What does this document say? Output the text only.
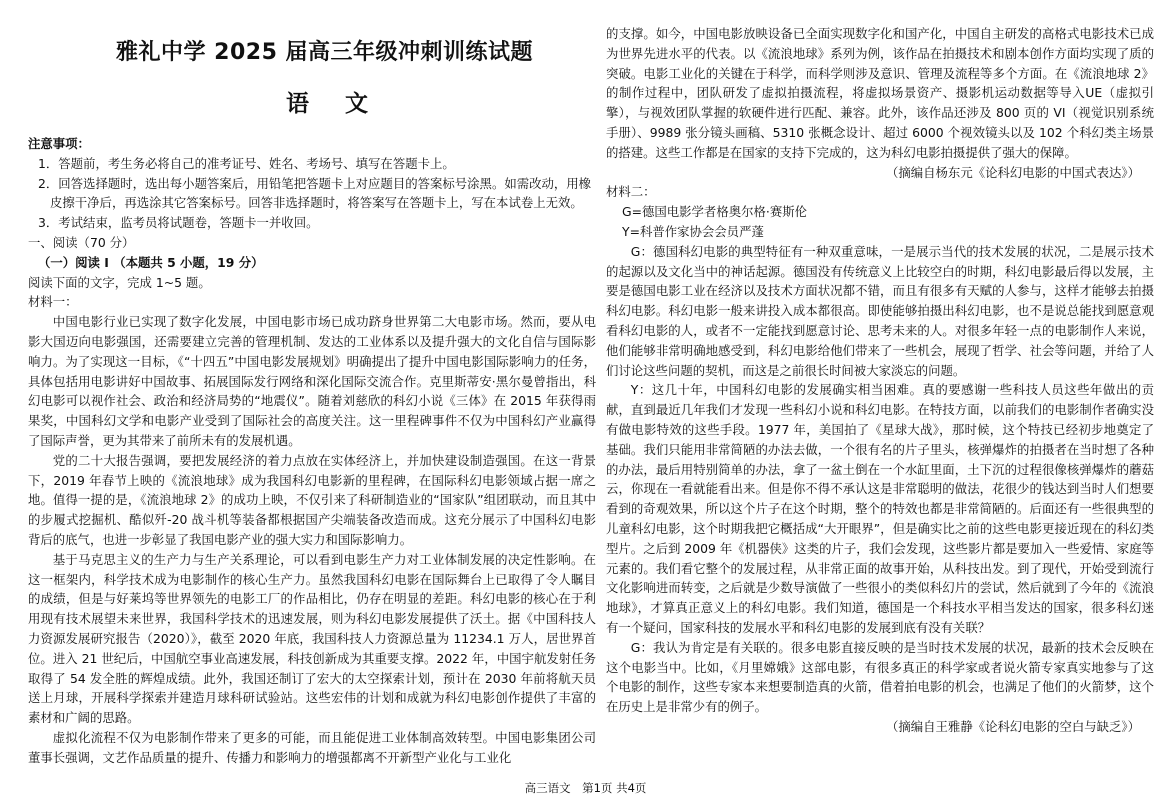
雅礼中学 2025 届高三年级冲刺训练试题
语 文

注意事项：

1．答题前，考生务必将自己的准考证号、姓名、考场号、填写在答题卡上。

2．回答选择题时，选出每小题答案后，用铅笔把答题卡上对应题目的答案标号涂黑。如需改动，用橡皮擦干净后，再选涂其它答案标号。回答非选择题时，将答案写在答题卡上，写在本试卷上无效。

3．考试结束，监考员将试题卷，答题卡一并收回。

一、阅读（70 分）

（一）阅读 I （本题共 5 小题，19 分）

阅读下面的文字，完成 1~5 题。

材料一：

中国电影行业已实现了数字化发展，中国电影市场已成功跻身世界第二大电影市场。然而，要从电影大国迈向电影强国，还需要建立完善的管理机制、发达的工业体系以及提升强大的文化自信与国际影响力。为了实现这一目标，《“十四五”中国电影发展规划》明确提出了提升中国电影国际影响力的任务，具体包括用电影讲好中国故事、拓展国际发行网络和深化国际交流合作。克里斯蒂安·黑尔曼曾指出，科幻电影可以视作社会、政治和经济局势的“地震仪”。随着刘慈欣的科幻小说《三体》在 2015 年获得雨果奖，中国科幻文学和电影产业受到了国际社会的高度关注。这一里程碑事件不仅为中国科幻产业赢得了国际声誉，更为其带来了前所未有的发展机遇。

党的二十大报告强调，要把发展经济的着力点放在实体经济上，并加快建设制造强国。在这一背景下，2019 年春节上映的《流浪地球》成为我国科幻电影新的里程碑，在国际科幻电影领域占据一席之地。值得一提的是，《流浪地球 2》的成功上映，不仅引来了科研制造业的“国家队”组团联动，而且其中的步履式挖掘机、酷似歼-20 战斗机等装备都根据国产尖端装备改造而成。这充分展示了中国科幻电影背后的底气，也进一步彰显了我国电影产业的强大实力和国际影响力。

基于马克思主义的生产力与生产关系理论，可以看到电影生产力对工业体制发展的决定性影响。在这一框架内，科学技术成为电影制作的核心生产力。虽然我国科幻电影在国际舞台上已取得了令人瞩目的成绩，但是与好莱坞等世界领先的电影工厂的作品相比，仍存在明显的差距。科幻电影的核心在于利用现有技术展望未来世界，我国科学技术的迅速发展，则为科幻电影发展提供了沃土。据《中国科技人力资源发展研究报告（2020）》，截至 2020 年底，我国科技人力资源总量为 11234.1 万人，居世界首位。进入 21 世纪后，中国航空事业高速发展，科技创新成为其重要支撑。2022 年，中国宇航发射任务取得了 54 发全胜的辉煌成绩。此外，我国还制订了宏大的太空探索计划，预计在 2030 年前将航天员送上月球，开展科学探索并建造月球科研试验站。这些宏伟的计划和成就为科幻电影创作提供了丰富的素材和广阔的思路。

虚拟化流程不仅为电影制作带来了更多的可能，而且能促进工业体制高效转型。中国电影集团公司董事长强调，文艺作品质量的提升、传播力和影响力的增强都离不开新型产业化与工业化

的支撑。如今，中国电影放映设备已全面实现数字化和国产化，中国自主研发的高格式电影技术已成为世界先进水平的代表。以《流浪地球》系列为例，该作品在拍摄技术和剧本创作方面均实现了质的突破。电影工业化的关键在于科学，而科学则涉及意识、管理及流程等多个方面。在《流浪地球 2》的制作过程中，团队研发了虚拟拍摄流程，将虚拟场景资产、摄影机运动数据等导入UE（虚拟引擎），与视效团队掌握的软硬件进行匹配、兼容。此外，该作品还涉及 800 页的 VI（视觉识别系统手册）、9989 张分镜头画稿、5310 张概念设计、超过 6000 个视效镜头以及 102 个科幻类主场景的搭建。这些工作都是在国家的支持下完成的，这为科幻电影拍摄提供了强大的保障。

（摘编自杨东元《论科幻电影的中国式表达》）

材料二：

G=德国电影学者格奥尔格·赛斯伦

Y=科普作家协会会员严蓬

G：德国科幻电影的典型特征有一种双重意味，一是展示当代的技术发展的状况，二是展示技术的起源以及文化当中的神话起源。德国没有传统意义上比较空白的时期，科幻电影最后得以发展，主要是德国电影工业在经济以及技术方面状况都不错，而且有很多有天赋的人参与，这样才能够去拍摄科幻电影。科幻电影一般来讲投入成本都很高。即使能够拍摄出科幻电影，也不是说总能找到愿意观看科幻电影的人，或者不一定能找到愿意讨论、思考未来的人。对很多年轻一点的电影制作人来说，他们能够非常明确地感受到，科幻电影给他们带来了一些机会，展现了哲学、社会等问题，并给了人们讨论这些问题的契机，而这是之前很长时间被大家淡忘的问题。

Y：这几十年，中国科幻电影的发展确实相当困难。真的要感谢一些科技人员这些年做出的贡献，直到最近几年我们才发现一些科幻小说和科幻电影。在特技方面，以前我们的电影制作者确实没有做电影特效的这些手段。1977 年，美国拍了《星球大战》，那时候，这个特技已经初步地奠定了基础。我们只能用非常简陋的办法去做，一个很有名的片子里头，核弹爆炸的拍摄者在当时想了各种的办法，最后用特别简单的办法，拿了一盆土倒在一个水缸里面，土下沉的过程很像核弹爆炸的蘑菇云，你现在一看就能看出来。但是你不得不承认这是非常聪明的做法，花很少的钱达到当时人们想要看到的奇观效果，所以这个片子在这个时期，整个的特效也都是非常简陋的。后面还有一些很典型的儿童科幻电影，这个时期我把它概括成“大开眼界”，但是确实比之前的这些电影更接近现在的科幻类型片。之后到 2009 年《机器侠》这类的片子，我们会发现，这些影片都是要加入一些爱情、家庭等元素的。我们看它整个的发展过程，从非常正面的故事开始，从科技出发。到了现代，开始受到流行文化影响进而转变，之后就是少数导演做了一些很小的类似科幻片的尝试，然后就到了今年的《流浪地球》，才算真正意义上的科幻电影。我们知道，德国是一个科技水平相当发达的国家，很多科幻迷有一个疑问，国家科技的发展水平和科幻电影的发展到底有没有关联？

G：我认为肯定是有关联的。很多电影直接反映的是当时技术发展的状况，最新的技术会反映在这个电影当中。比如，《月里嫦娥》这部电影，有很多真正的科学家或者说火箭专家真实地参与了这个电影的制作，这些专家本来想要制造真的火箭，借着拍电影的机会，也满足了他们的火箭梦，这个在历史上是非常少有的例子。

（摘编自王雅静《论科幻电影的空白与缺乏》）

高三语文　第1页 共4页
